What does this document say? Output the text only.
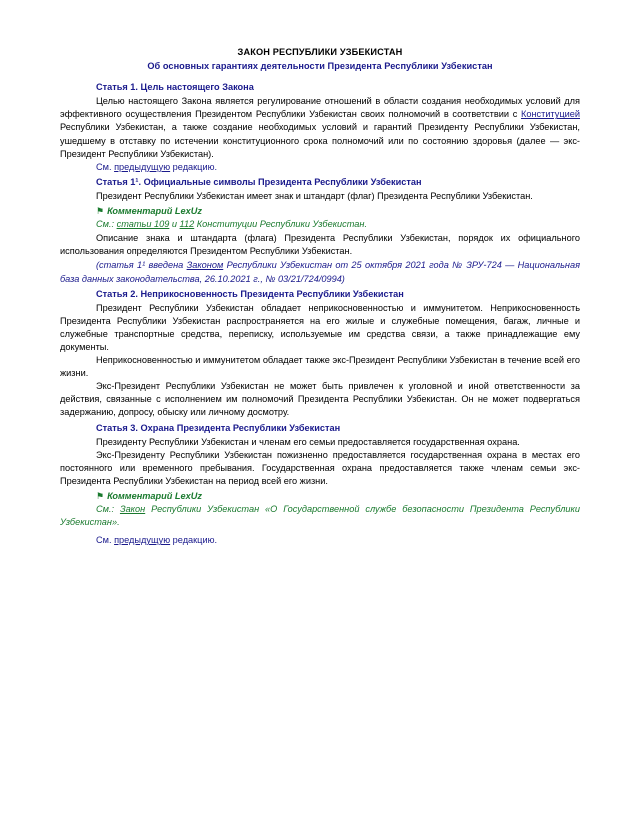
ЗАКОН РЕСПУБЛИКИ УЗБЕКИСТАН

Об основных гарантиях деятельности Президента Республики Узбекистан

Статья 1. Цель настоящего Закона

Целью настоящего Закона является регулирование отношений в области создания необходимых условий для эффективного осуществления Президентом Республики Узбекистан своих полномочий в соответствии с Конституцией Республики Узбекистан, а также создание необходимых условий и гарантий Президенту Республики Узбекистан, ушедшему в отставку по истечении конституционного срока полномочий или по состоянию здоровья (далее — экс-Президент Республики Узбекистан).

См. предыдущую редакцию.

Статья 1¹. Официальные символы Президента Республики Узбекистан

Президент Республики Узбекистан имеет знак и штандарт (флаг) Президента Республики Узбекистан.

⚑ Комментарий LexUz

См.: статьи 109 и 112 Конституции Республики Узбекистан.

Описание знака и штандарта (флага) Президента Республики Узбекистан, порядок их официального использования определяются Президентом Республики Узбекистан.

(статья 1¹ введена Законом Республики Узбекистан от 25 октября 2021 года № ЗРУ-724 — Национальная база данных законодательства, 26.10.2021 г., № 03/21/724/0994)

Статья 2. Неприкосновенность Президента Республики Узбекистан

Президент Республики Узбекистан обладает неприкосновенностью и иммунитетом. Неприкосновенность Президента Республики Узбекистан распространяется на его жилые и служебные помещения, багаж, личные и служебные транспортные средства, переписку, используемые им средства связи, а также принадлежащие ему документы.

Неприкосновенностью и иммунитетом обладает также экс-Президент Республики Узбекистан в течение всей его жизни.

Экс-Президент Республики Узбекистан не может быть привлечен к уголовной и иной ответственности за действия, связанные с исполнением им полномочий Президента Республики Узбекистан. Он не может подвергаться задержанию, допросу, обыску или личному досмотру.

Статья 3. Охрана Президента Республики Узбекистан

Президенту Республики Узбекистан и членам его семьи предоставляется государственная охрана.

Экс-Президенту Республики Узбекистан пожизненно предоставляется государственная охрана в местах его постоянного или временного пребывания. Государственная охрана предоставляется также членам семьи экс-Президента Республики Узбекистан на период всей его жизни.

⚑ Комментарий LexUz

См.: Закон Республики Узбекистан «О Государственной службе безопасности Президента Республики Узбекистан».

См. предыдущую редакцию.
